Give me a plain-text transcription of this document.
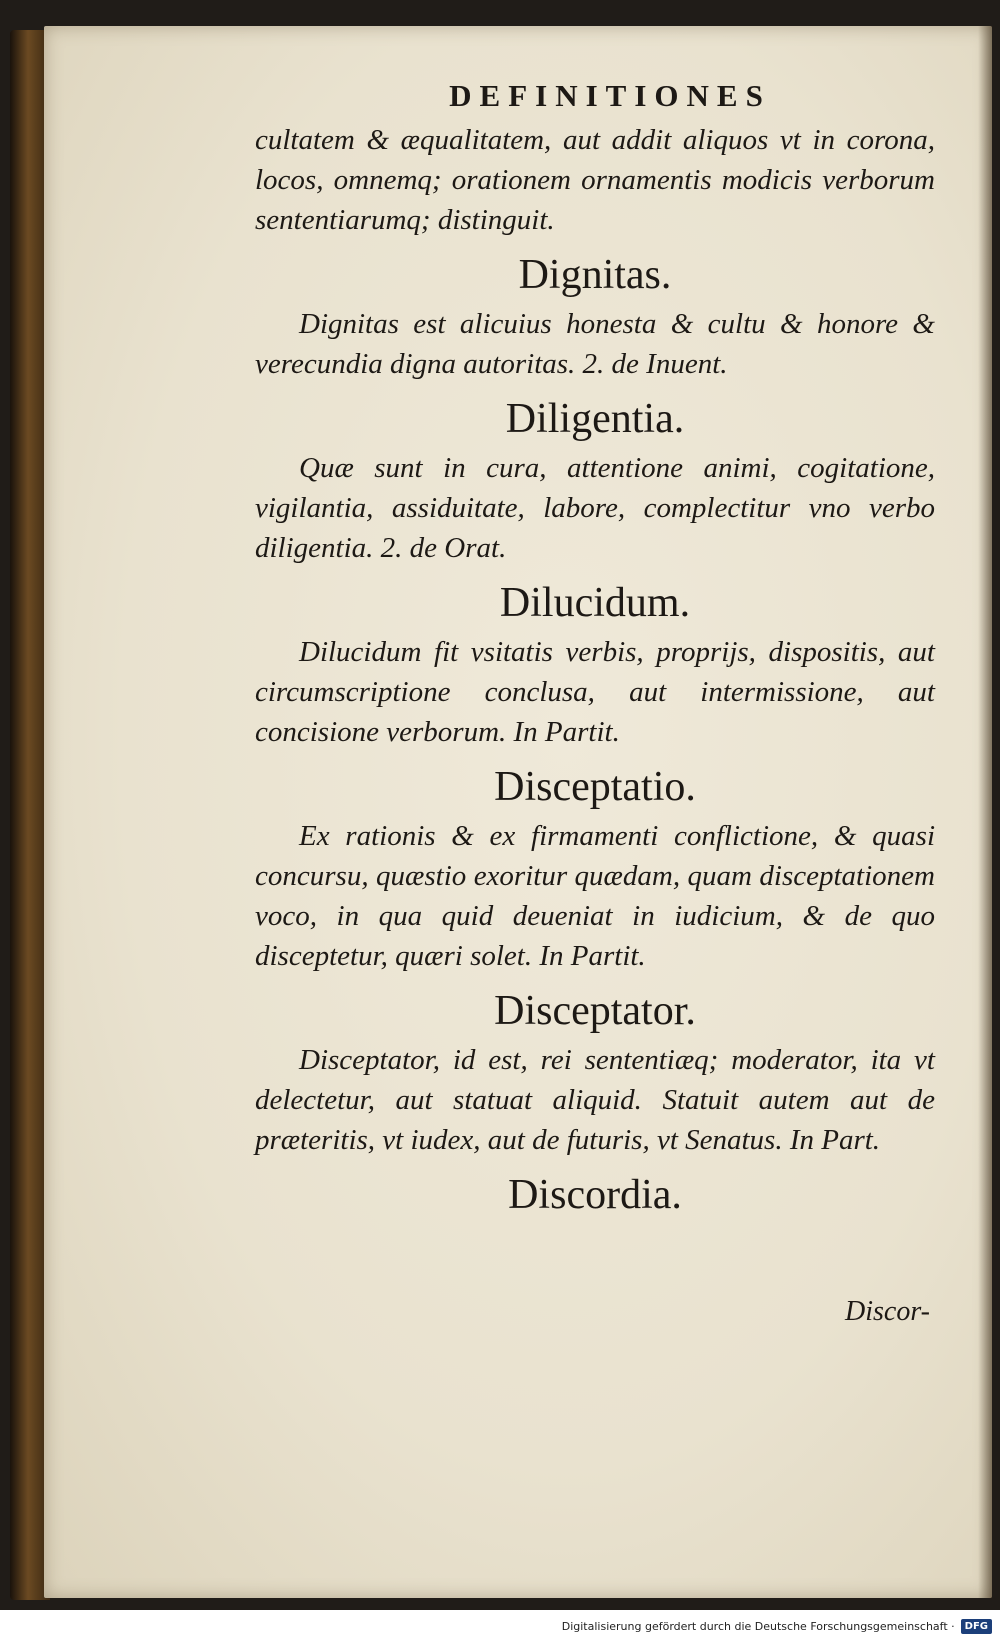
DEFINITIONES

cultatem & æqualitatem, aut addit aliquos vt in corona, locos, omnemq; orationem ornamentis modicis verborum sententiarumq; distinguit.

Dignitas.

Dignitas est alicuius honesta & cultu & honore & verecundia digna autoritas. 2. de Inuent.

Diligentia.

Quæ sunt in cura, attentione animi, cogitatione, vigilantia, assiduitate, labore, complectitur vno verbo diligentia. 2. de Orat.

Dilucidum.

Dilucidum fit vsitatis verbis, proprijs, dispositis, aut circumscriptione conclusa, aut intermissione, aut concisione verborum. In Partit.

Disceptatio.

Ex rationis & ex firmamenti conflictione, & quasi concursu, quæstio exoritur quædam, quam disceptationem voco, in qua quid deueniat in iudicium, & de quo disceptetur, quæri solet. In Partit.

Disceptator.

Disceptator, id est, rei sententiæq; moderator, ita vt delectetur, aut statuat aliquid. Statuit autem aut de præteritis, vt iudex, aut de futuris, vt Senatus. In Part.

Discordia.
Discor-
Digitalisierung gefördert durch die Deutsche Forschungsgemeinschaft ·	DFG
